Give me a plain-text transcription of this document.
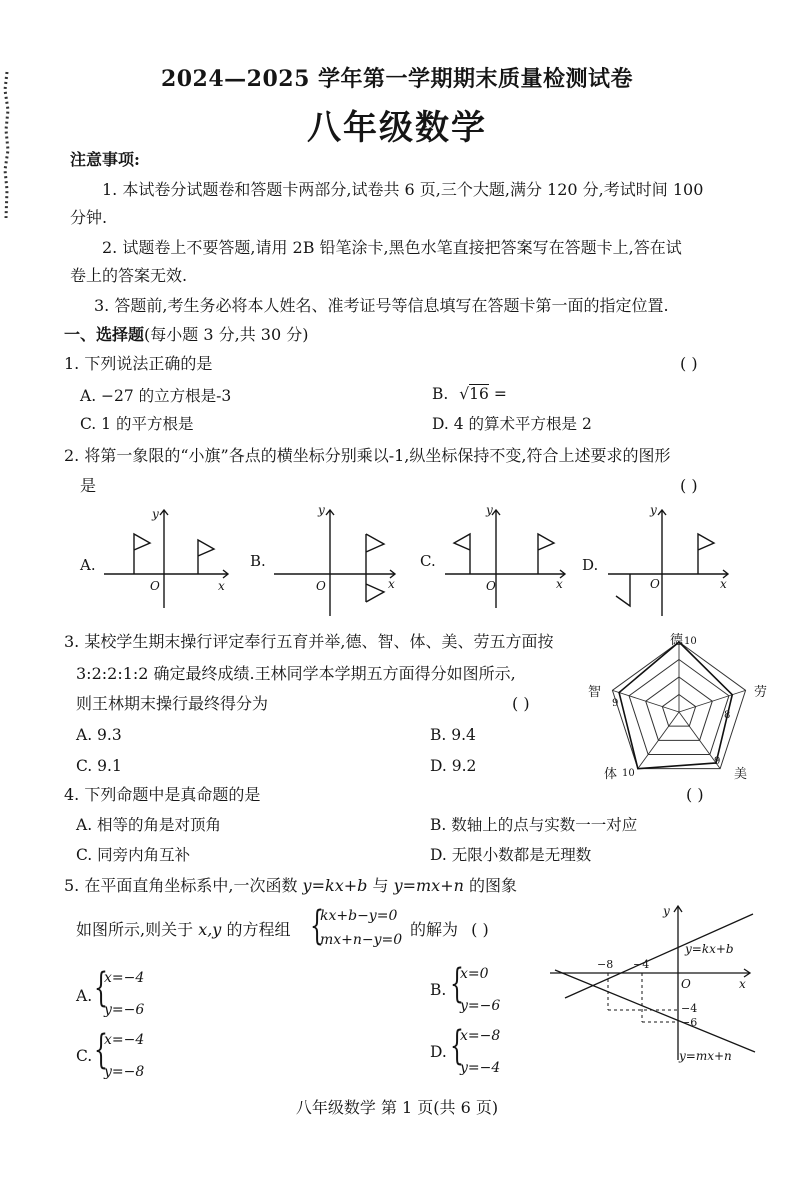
2024—2025 学年第一学期期末质量检测试卷
八年级数学
注意事项:
1. 本试卷分试题卷和答题卡两部分,试卷共 6 页,三个大题,满分 120 分,考试时间 100
分钟.
2. 试题卷上不要答题,请用 2B 铅笔涂卡,黑色水笔直接把答案写在答题卡上,答在试
卷上的答案无效.
3. 答题前,考生务必将本人姓名、准考证号等信息填写在答题卡第一面的指定位置.
一、选择题(每小题 3 分,共 30 分)
1. 下列说法正确的是	( )
A. −27 的立方根是-3	B. √16 =
C. 1 的平方根是	D. 4 的算术平方根是 2
2. 将第一象限的“小旗”各点的横坐标分别乘以-1,纵坐标保持不变,符合上述要求的图形
是	( )
A.	B.	C.	D.
y
x
O
y
x
O
y
x
O
y
x
O
3. 某校学生期末操行评定奉行五育并举,德、智、体、美、劳五方面按
3:2:2:1:2 确定最终成绩.王林同学本学期五方面得分如图所示,
则王林期末操行最终得分为	( )
A. 9.3	B. 9.4
C. 9.1	D. 9.2
德
劳
美
体
智
10
8
9
10
9
4. 下列命题中是真命题的是	( )
A. 相等的角是对顶角	B. 数轴上的点与实数一一对应
C. 同旁内角互补	D. 无限小数都是无理数
5. 在平面直角坐标系中,一次函数 y=kx+b 与 y=mx+n 的图象
如图所示,则关于 x,y 的方程组 {
kx+b−y=0
mx+n−y=0
的解为 ( )
A. {
x=−4
y=−6
B. {
x=0
y=−6
C. {
x=−4
y=−8
D. {
x=−8
y=−4
−8 −4
−4
−6
y
x
O
y=kx+b
y=mx+n
八年级数学 第 1 页(共 6 页)
